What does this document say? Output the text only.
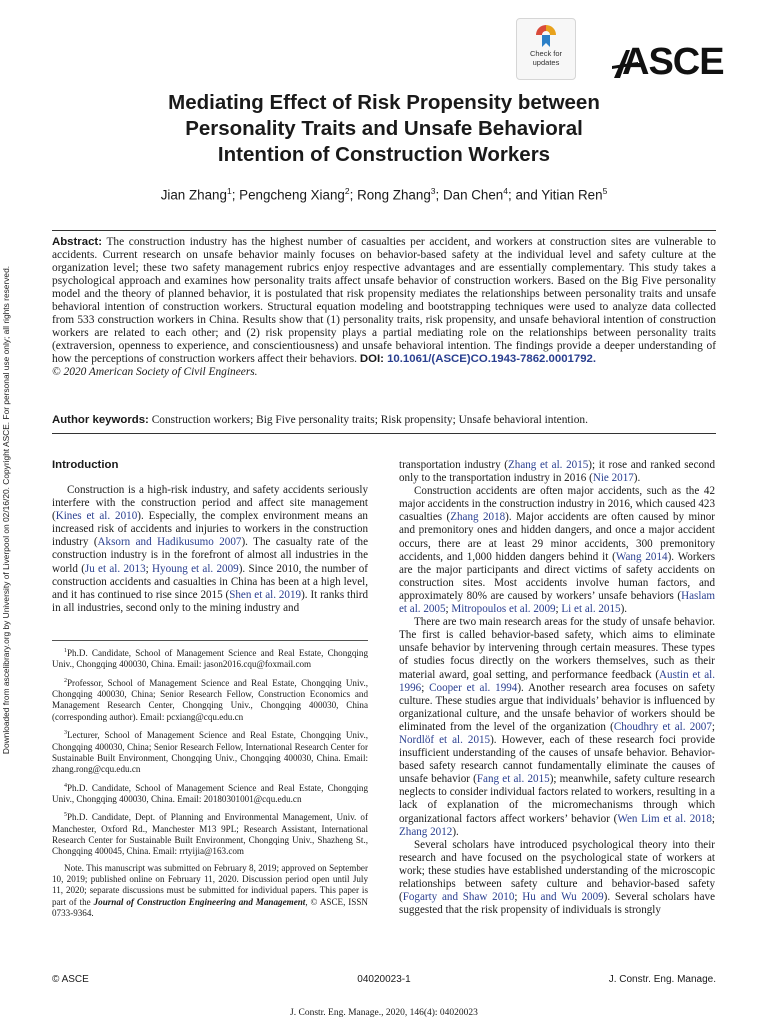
Downloaded from ascelibrary.org by University of Liverpool on 02/16/20. Copyright ASCE. For personal use only; all rights reserved.
Check for
updates	ASCE
Mediating Effect of Risk Propensity between
Personality Traits and Unsafe Behavioral
Intention of Construction Workers
Jian Zhang$^1$; Pengcheng Xiang$^2$; Rong Zhang$^3$; Dan Chen$^4$; and Yitian Ren$^5$

Abstract: The construction industry has the highest number of casualties per accident, and workers at construction sites are vulnerable to accidents. Current research on unsafe behavior mainly focuses on behavior-based safety at the individual level and safety culture at the organization level; these two safety management rubrics enjoy respective advantages and are essentially complementary. This study takes a psychological approach and examines how personality traits affect unsafe behavior of construction workers. Based on the Big Five personality model and the theory of planned behavior, it is postulated that risk propensity mediates the relationships between personality traits and unsafe behavioral intention of construction workers. Structural equation modeling and bootstrapping techniques were used to analyze data collected from 533 construction workers in China. Results show that (1) personality traits, risk propensity, and unsafe behavioral intention of construction workers are related to each other; and (2) risk propensity plays a partial mediating role on the relationships between personality traits (extraversion, openness to experience, and conscientiousness) and unsafe behavioral intention. The findings provide a deeper understanding of how the perceptions of construction workers affect their behaviors. DOI: 10.1061/(ASCE)CO.1943-7862.0001792.

© 2020 American Society of Civil Engineers.

Author keywords: Construction workers; Big Five personality traits; Risk propensity; Unsafe behavioral intention.
Introduction

Construction is a high-risk industry, and safety accidents seriously interfere with the construction period and affect site management (Kines et al. 2010). Especially, the complex environment means an increased risk of accidents and injuries to workers in the construction industry (Aksorn and Hadikusumo 2007). The casualty rate of the construction industry is in the forefront of almost all industries in the world (Ju et al. 2013; Hyoung et al. 2009). Since 2010, the number of construction accidents and casualties in China has been at a high level, and it has continued to rise since 2015 (Shen et al. 2019). It ranks third in all industries, second only to the mining industry and

$^1$Ph.D. Candidate, School of Management Science and Real Estate, Chongqing Univ., Chongqing 400030, China. Email: jason2016.cqu@foxmail.com

$^2$Professor, School of Management Science and Real Estate, Chongqing Univ., Chongqing 400030, China; Senior Research Fellow, Construction Economics and Management Research Center, Chongqing Univ., Chongqing 400030, China (corresponding author). Email: pcxiang@cqu.edu.cn

$^3$Lecturer, School of Management Science and Real Estate, Chongqing Univ., Chongqing 400030, China; Senior Research Fellow, International Research Center for Sustainable Built Environment, Chongqing Univ., Chongqing 400030, China. Email: zhang.rong@cqu.edu.cn

$^4$Ph.D. Candidate, School of Management Science and Real Estate, Chongqing Univ., Chongqing 400030, China. Email: 20180301001@cqu.edu.cn

$^5$Ph.D. Candidate, Dept. of Planning and Environmental Management, Univ. of Manchester, Oxford Rd., Manchester M13 9PL; Research Assistant, International Research Center for Sustainable Built Environment, Chongqing Univ., Shazheng St., Chongqing 400045, China. Email: rrtyijia@163.com

Note. This manuscript was submitted on February 8, 2019; approved on September 10, 2019; published online on February 11, 2020. Discussion period open until July 11, 2020; separate discussions must be submitted for individual papers. This paper is part of the Journal of Construction Engineering and Management, © ASCE, ISSN 0733-9364.

transportation industry (Zhang et al. 2015); it rose and ranked second only to the transportation industry in 2016 (Nie 2017).

Construction accidents are often major accidents, such as the 42 major accidents in the construction industry in 2016, which caused 423 casualties (Zhang 2018). Major accidents are often caused by minor and premonitory ones and hidden dangers, and once a major accident occurs, there are at least 29 minor accidents, 300 premonitory accidents, and 1,000 hidden dangers behind it (Wang 2014). Workers are the major participants and direct victims of safety accidents on construction sites. Most accidents involve human factors, and approximately 80% are caused by workers’ unsafe behaviors (Haslam et al. 2005; Mitropoulos et al. 2009; Li et al. 2015).

There are two main research areas for the study of unsafe behavior. The first is called behavior-based safety, which aims to eliminate unsafe behavior by intervening through certain measures. These types of studies focus directly on the workers themselves, such as their material award, goal setting, and performance feedback (Austin et al. 1996; Cooper et al. 1994). Another research area focuses on safety culture. These studies argue that individuals’ behavior is influenced by organizational culture, and the unsafe behavior of workers should be eliminated from the level of the organization (Choudhry et al. 2007; Nordlöf et al. 2015). However, each of these research foci provide insufficient understanding of the causes of unsafe behavior. Behavior-based safety research cannot fundamentally eliminate the causes of unsafe behavior (Fang et al. 2015); meanwhile, safety culture research neglects to consider individual factors related to workers, resulting in a lack of explanation of the micromechanisms through which organizational factors affect workers’ behavior (Wen Lim et al. 2018; Zhang 2012).

Several scholars have introduced psychological theory into their research and have focused on the psychological state of workers at work; these studies have established understanding of the microscopic relationships between safety culture and behavior-based safety (Fogarty and Shaw 2010; Hu and Wu 2009). Several scholars have suggested that the risk propensity of individuals is strongly

© ASCE	04020023-1	J. Constr. Eng. Manage.
J. Constr. Eng. Manage., 2020, 146(4): 04020023
